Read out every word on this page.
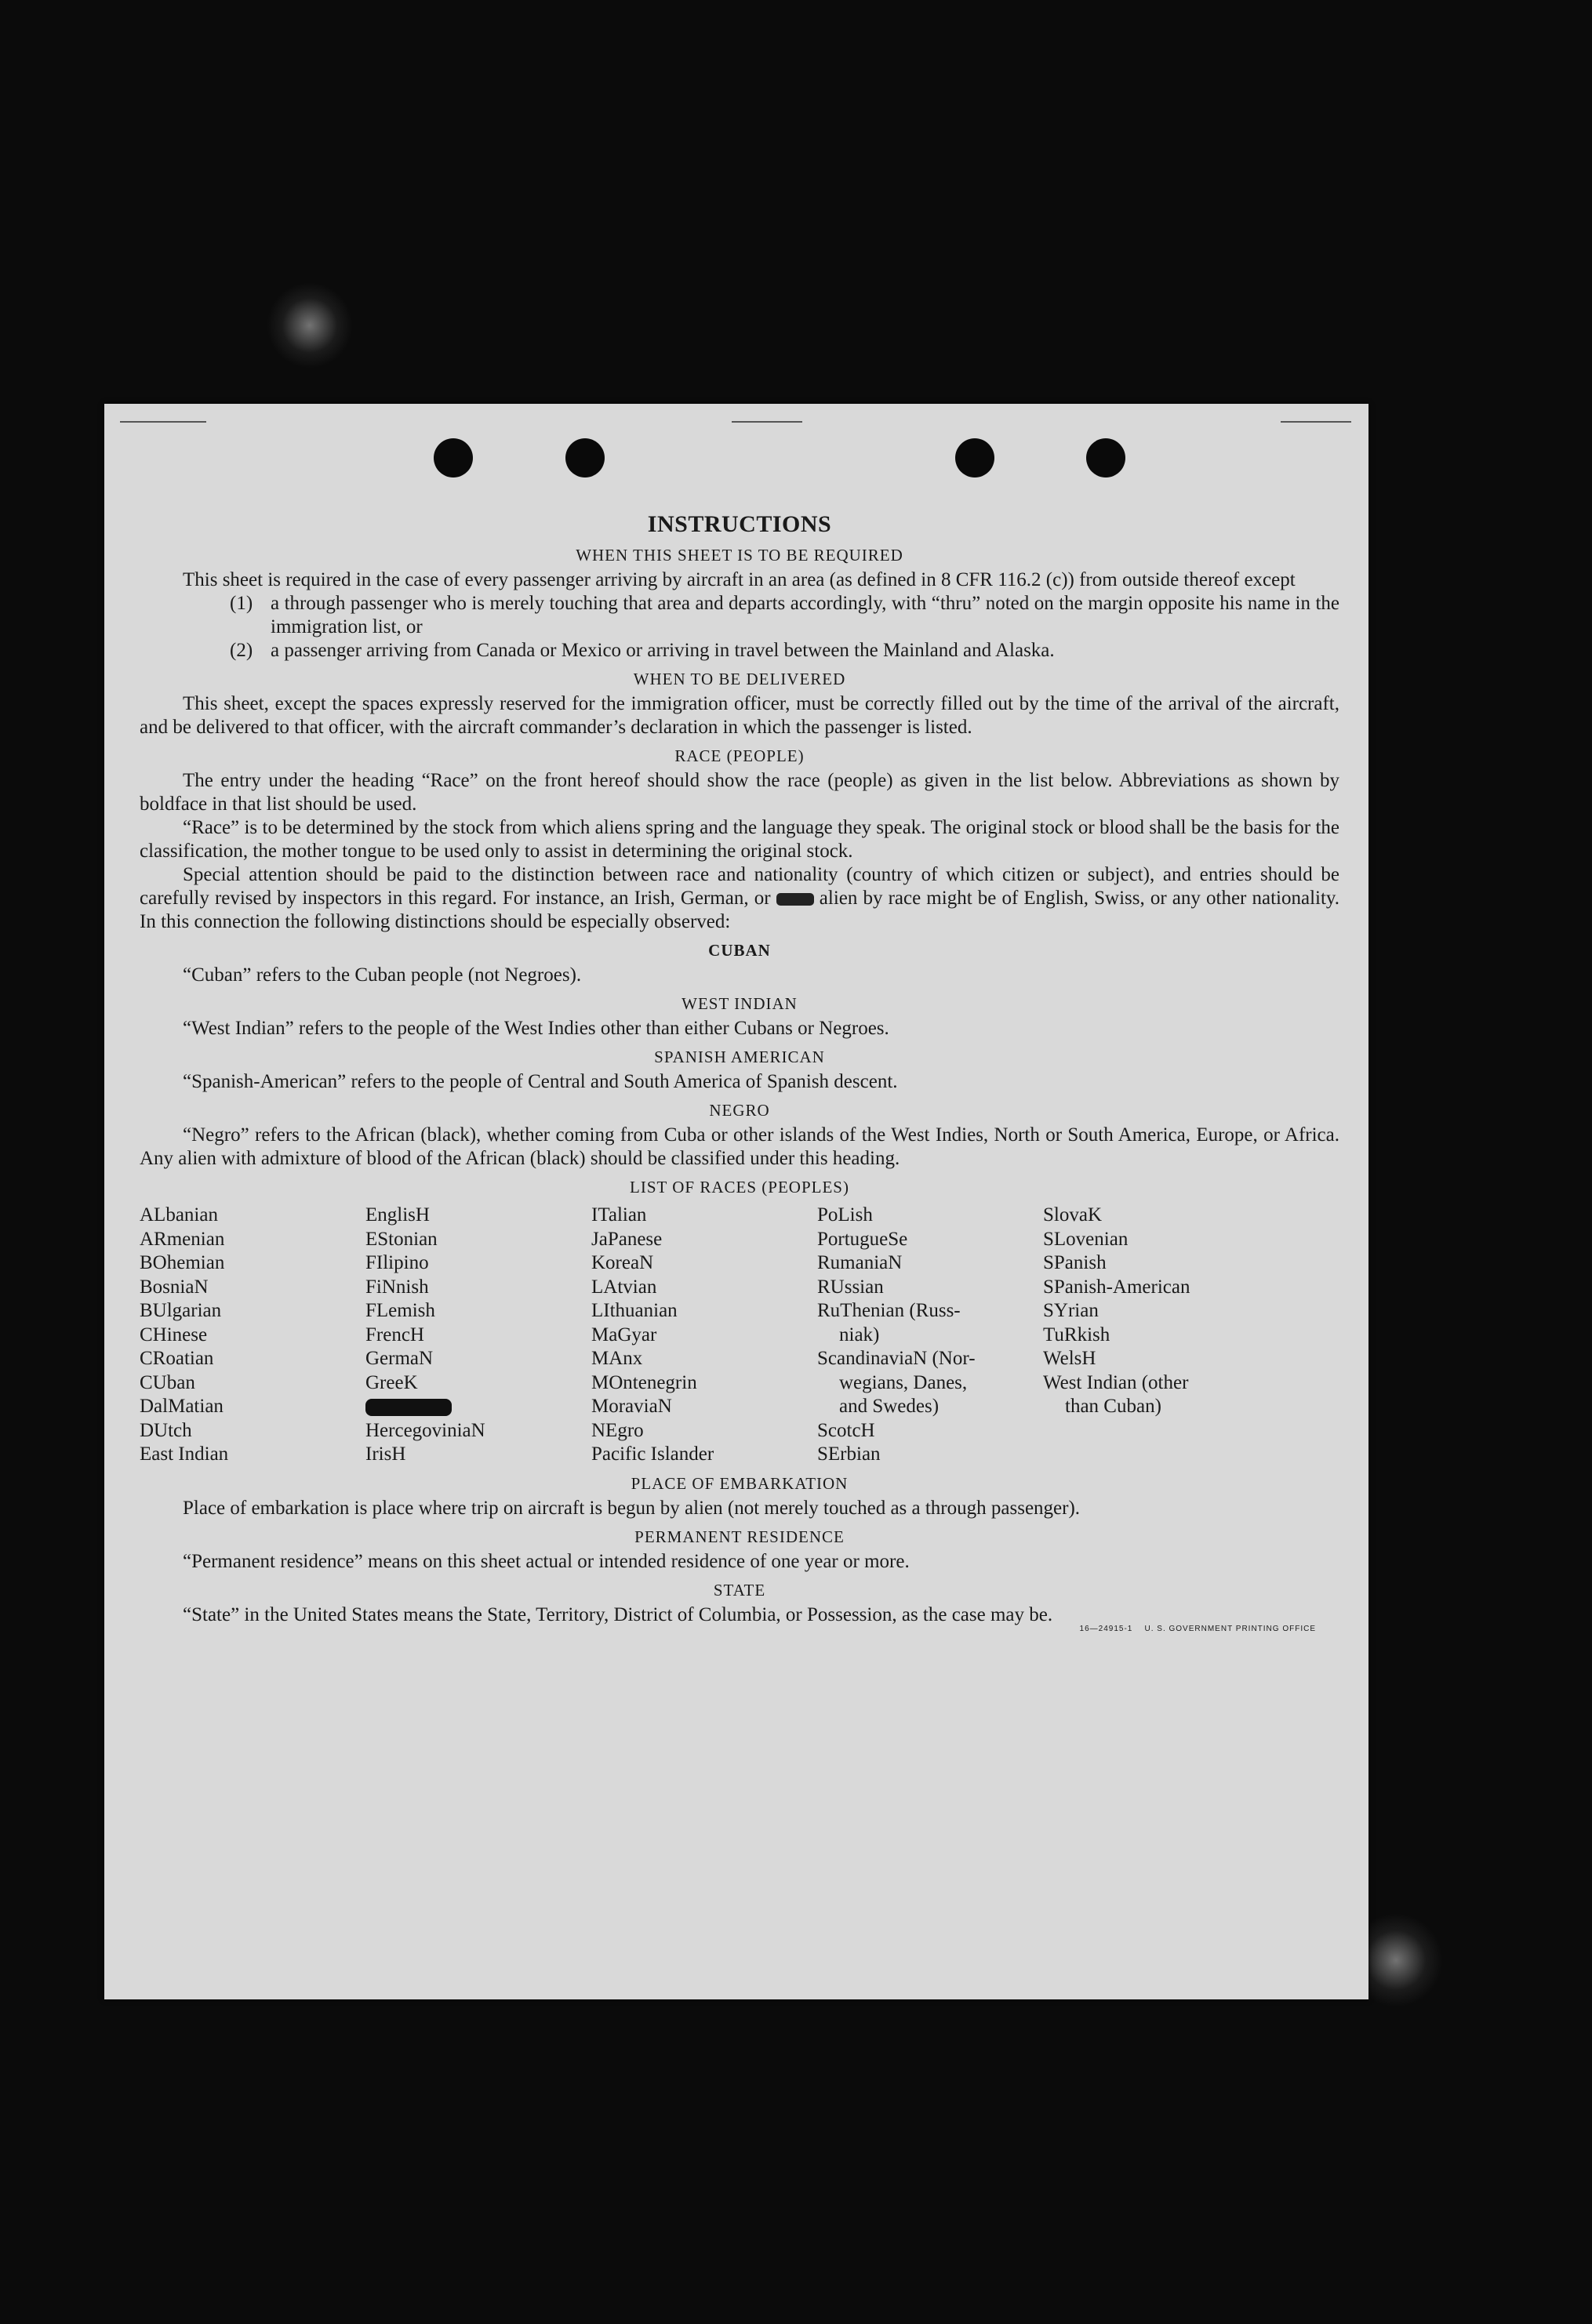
INSTRUCTIONS
WHEN THIS SHEET IS TO BE REQUIRED

This sheet is required in the case of every passenger arriving by aircraft in an area (as defined in 8 CFR 116.2 (c)) from outside thereof except

(1) a through passenger who is merely touching that area and departs accordingly, with “thru” noted on the margin opposite his name in the immigration list, or
(2) a passenger arriving from Canada or Mexico or arriving in travel between the Mainland and Alaska.
WHEN TO BE DELIVERED

This sheet, except the spaces expressly reserved for the immigration officer, must be correctly filled out by the time of the arrival of the aircraft, and be delivered to that officer, with the aircraft commander’s declaration in which the passenger is listed.

RACE (PEOPLE)

The entry under the heading “Race” on the front hereof should show the race (people) as given in the list below. Abbreviations as shown by boldface in that list should be used.

“Race” is to be determined by the stock from which aliens spring and the language they speak. The original stock or blood shall be the basis for the classification, the mother tongue to be used only to assist in determining the original stock.

Special attention should be paid to the distinction between race and nationality (country of which citizen or subject), and entries should be carefully revised by inspectors in this regard. For instance, an Irish, German, or alien by race might be of English, Swiss, or any other nationality. In this connection the following distinctions should be especially observed:

CUBAN

“Cuban” refers to the Cuban people (not Negroes).

WEST INDIAN

“West Indian” refers to the people of the West Indies other than either Cubans or Negroes.

SPANISH AMERICAN

“Spanish-American” refers to the people of Central and South America of Spanish descent.

NEGRO

“Negro” refers to the African (black), whether coming from Cuba or other islands of the West Indies, North or South America, Europe, or Africa. Any alien with admixture of blood of the African (black) should be classified under this heading.

LIST OF RACES (PEOPLES)
ALbanian
ARmenian
BOhemian
BosniaN
BUlgarian
CHinese
CRoatian
CUban
DalMatian
DUtch
East Indian
EnglisH
EStonian
FIlipino
FiNnish
FLemish
FrencH
GermaN
GreeK
HercegoviniaN
IrisH
ITalian
JaPanese
KoreaN
LAtvian
LIthuanian
MaGyar
MAnx
MOntenegrin
MoraviaN
NEgro
Pacific Islander
PoLish
PortugueSe
RumaniaN
RUssian
RuThenian (Russ-
niak)
ScandinaviaN (Nor-
wegians, Danes,
and Swedes)
ScotcH
SErbian
SlovaK
SLovenian
SPanish
SPanish-American
SYrian
TuRkish
WelsH
West Indian (other
than Cuban)
PLACE OF EMBARKATION

Place of embarkation is place where trip on aircraft is begun by alien (not merely touched as a through passenger).

PERMANENT RESIDENCE

“Permanent residence” means on this sheet actual or intended residence of one year or more.

STATE

“State” in the United States means the State, Territory, District of Columbia, or Possession, as the case may be.

16—24915-1 U. S. GOVERNMENT PRINTING OFFICE
